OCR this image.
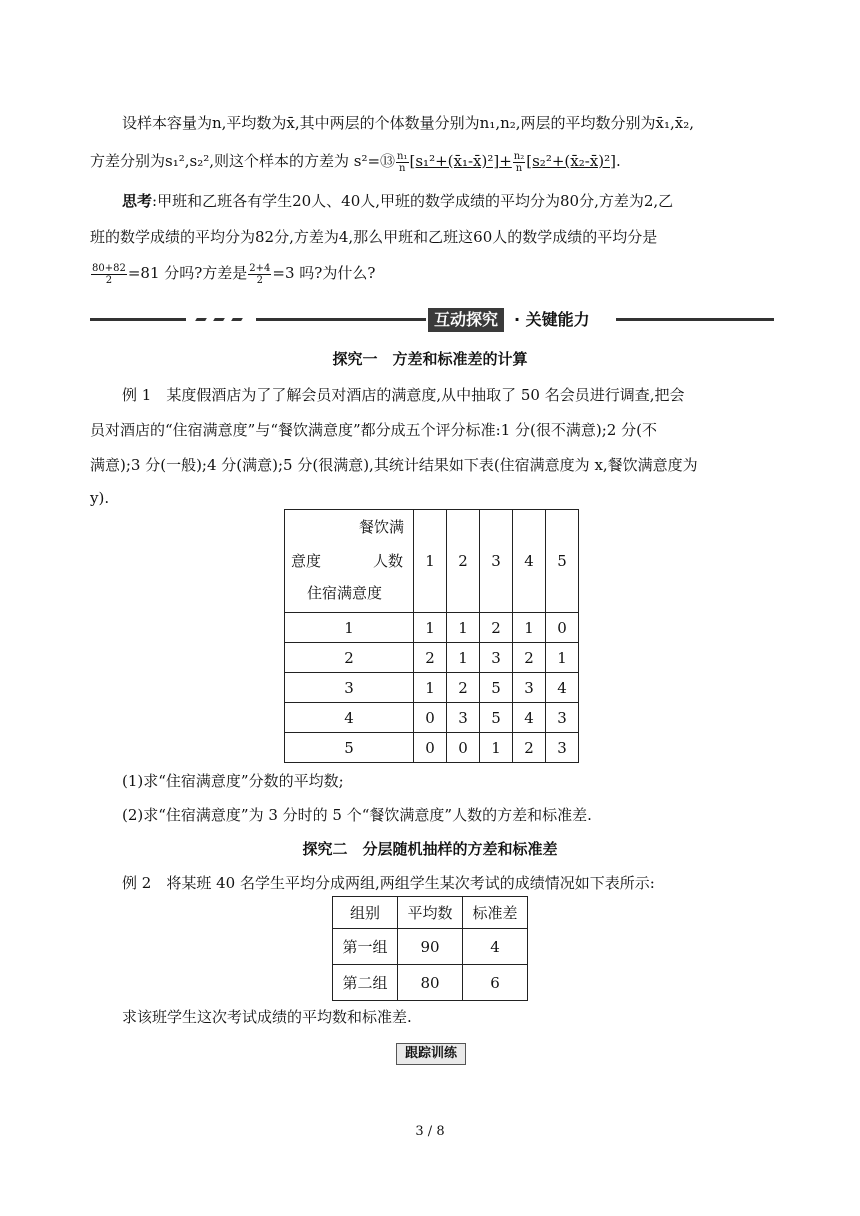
设样本容量为n,平均数为x̄,其中两层的个体数量分别为n₁,n₂,两层的平均数分别为x̄₁,x̄₂,
方差分别为s₁²,s₂²,则这个样本的方差为 s²=⑬ $\frac{\text{n₁}}{n}$ [s₁²+(x̄₁-x̄)²]+ $\frac{\text{n₂}}{n}$ [s₂²+(x̄₂-x̄)²].
思考:甲班和乙班各有学生20人、40人,甲班的数学成绩的平均分为80分,方差为2,乙
班的数学成绩的平均分为82分,方差为4,那么甲班和乙班这60人的数学成绩的平均分是
$\frac{80+82}{2} =81$ 分吗?方差是 $\frac{2+4}{2} =3$ 吗?为什么?
互动探究 · 关键能力
探究一　方差和标准差的计算
例 1　 某度假酒店为了了解会员对酒店的满意度,从中抽取了 50 名会员进行调查,把会
员对酒店的“住宿满意度”与“餐饮满意度”都分成五个评分标准:1 分(很不满意);2 分(不
满意);3 分(一般);4 分(满意);5 分(很满意),其统计结果如下表(住宿满意度为 x,餐饮满意度为
y).
餐饮满
意度 人数
住宿满意度	1	2	3	4	5
1	1	1	2	1	0
2	2	1	3	2	1
3	1	2	5	3	4
4	0	3	5	4	3
5	0	0	1	2	3
(1)求“住宿满意度”分数的平均数;
(2)求“住宿满意度”为 3 分时的 5 个“餐饮满意度”人数的方差和标准差.
探究二　分层随机抽样的方差和标准差
例 2　 将某班 40 名学生平均分成两组,两组学生某次考试的成绩情况如下表所示:
组别	平均数	标准差
第一组	90	4
第二组	80	6
求该班学生这次考试成绩的平均数和标准差.
跟踪训练
3 / 8
